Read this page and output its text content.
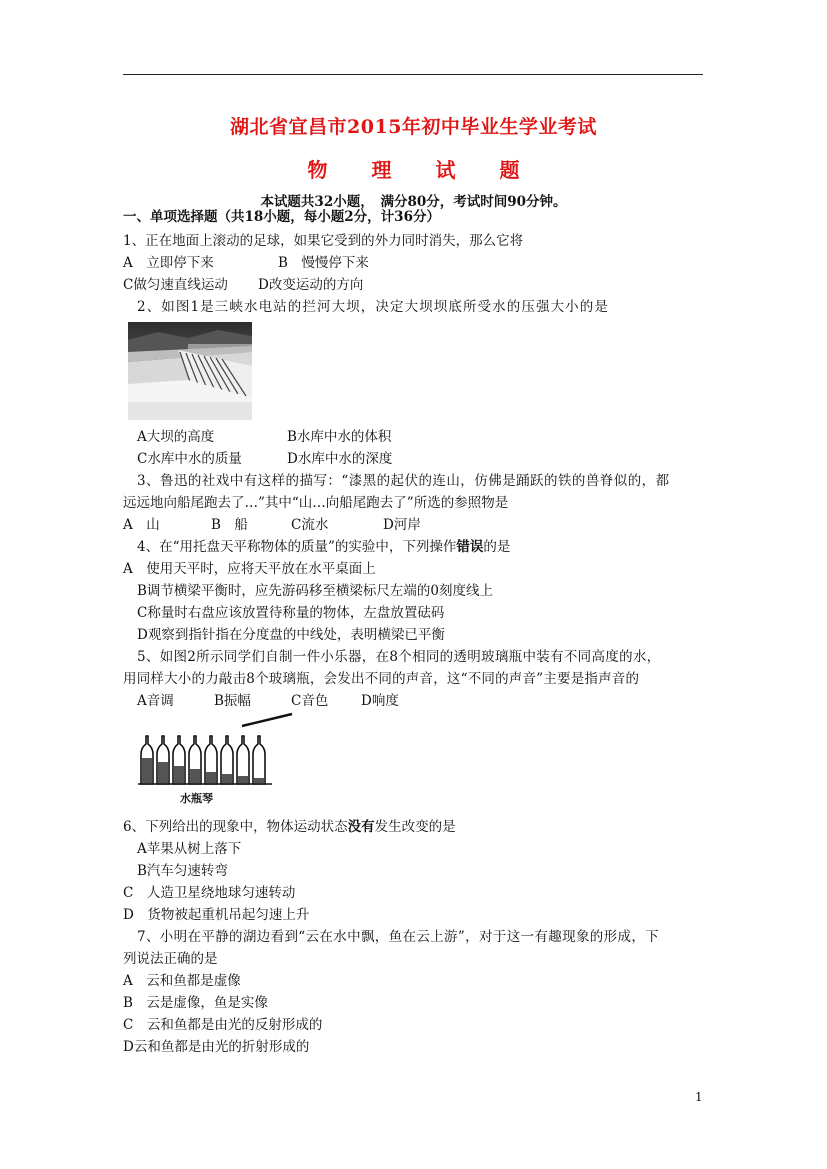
湖北省宜昌市2015年初中毕业生学业考试
物 理 试 题
本试题共32小题，　满分80分，考试时间90分钟。
一、单项选择题（共18小题，每小题2分，计36分）
1、正在地面上滚动的足球，如果它受到的外力同时消失，那么它将
A　立即停下来	B　慢慢停下来
C做匀速直线运动 D改变运动的方向
2、如图1是三峡水电站的拦河大坝，决定大坝坝底所受水的压强大小的是
A大坝的高度	B水库中水的体积
C水库中水的质量	D水库中水的深度
3、鲁迅的社戏中有这样的描写：“漆黑的起伏的连山，仿佛是踊跃的铁的兽脊似的，都
远远地向船尾跑去了…”其中“山…向船尾跑去了”所选的参照物是
A　山	B　船	C流水	D河岸
4、在“用托盘天平称物体的质量”的实验中，下列操作错误的是
A　使用天平时，应将天平放在水平桌面上
B调节横梁平衡时，应先游码移至横梁标尺左端的0刻度线上
C称量时右盘应该放置待称量的物体，左盘放置砝码
D观察到指针指在分度盘的中线处，表明横梁已平衡
5、如图2所示同学们自制一件小乐器，在8个相同的透明玻璃瓶中装有不同高度的水，
用同样大小的力敲击8个玻璃瓶，会发出不同的声音，这“不同的声音”主要是指声音的
A音调	B振幅	C音色 D响度
水瓶琴
6、下列给出的现象中，物体运动状态没有发生改变的是
A苹果从树上落下
B汽车匀速转弯
C　人造卫星绕地球匀速转动
D　货物被起重机吊起匀速上升
7、小明在平静的湖边看到“云在水中飘，鱼在云上游”，对于这一有趣现象的形成，下
列说法正确的是
A　云和鱼都是虚像
B　云是虚像，鱼是实像
C　云和鱼都是由光的反射形成的
D云和鱼都是由光的折射形成的
1
